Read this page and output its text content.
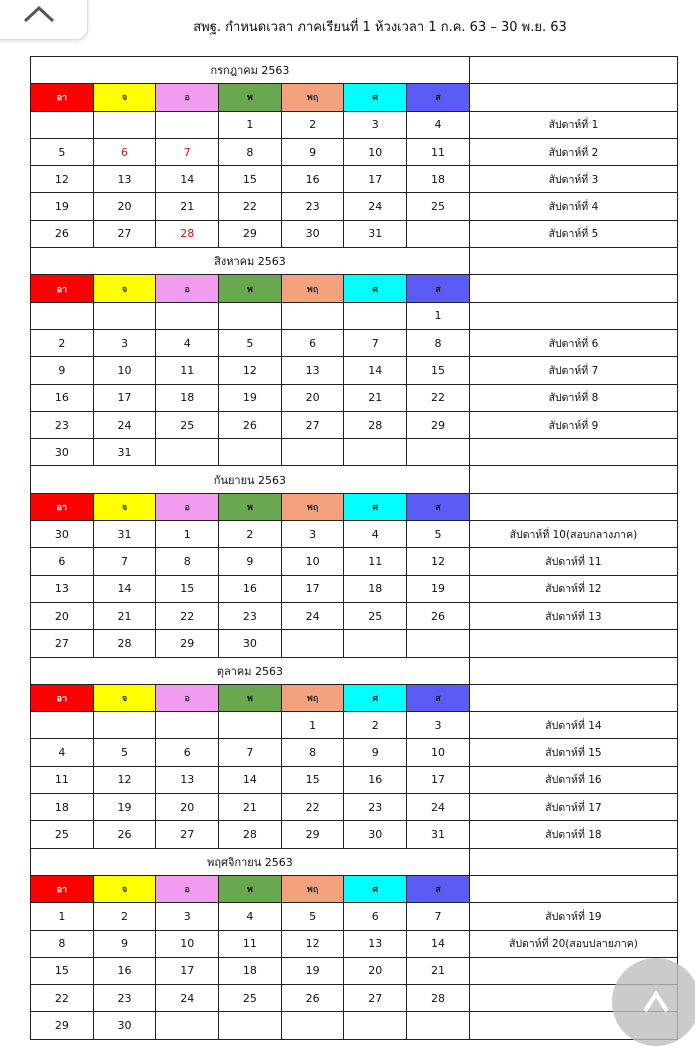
สพฐ. กำหนดเวลา ภาคเรียนที่ 1 ห้วงเวลา 1 ก.ค. 63 – 30 พ.ย. 63
กรกฎาคม 2563							
อา	จ	อ	พ	พฤ	ศ	ส	
			1	2	3	4	สัปดาห์ที่ 1
5	6	7	8	9	10	11	สัปดาห์ที่ 2
12	13	14	15	16	17	18	สัปดาห์ที่ 3
19	20	21	22	23	24	25	สัปดาห์ที่ 4
26	27	28	29	30	31		สัปดาห์ที่ 5
สิงหาคม 2563							
อา	จ	อ	พ	พฤ	ศ	ส	
						1	
2	3	4	5	6	7	8	สัปดาห์ที่ 6
9	10	11	12	13	14	15	สัปดาห์ที่ 7
16	17	18	19	20	21	22	สัปดาห์ที่ 8
23	24	25	26	27	28	29	สัปดาห์ที่ 9
30	31						
กันยายน 2563							
อา	จ	อ	พ	พฤ	ศ	ส	
30	31	1	2	3	4	5	สัปดาห์ที่ 10(สอบกลางภาค)
6	7	8	9	10	11	12	สัปดาห์ที่ 11
13	14	15	16	17	18	19	สัปดาห์ที่ 12
20	21	22	23	24	25	26	สัปดาห์ที่ 13
27	28	29	30				
ตุลาคม 2563							
อา	จ	อ	พ	พฤ	ศ	ส	
				1	2	3	สัปดาห์ที่ 14
4	5	6	7	8	9	10	สัปดาห์ที่ 15
11	12	13	14	15	16	17	สัปดาห์ที่ 16
18	19	20	21	22	23	24	สัปดาห์ที่ 17
25	26	27	28	29	30	31	สัปดาห์ที่ 18
พฤศจิกายน 2563							
อา	จ	อ	พ	พฤ	ศ	ส	
1	2	3	4	5	6	7	สัปดาห์ที่ 19
8	9	10	11	12	13	14	สัปดาห์ที่ 20(สอบปลายภาค)
15	16	17	18	19	20	21	
22	23	24	25	26	27	28	
29	30						
